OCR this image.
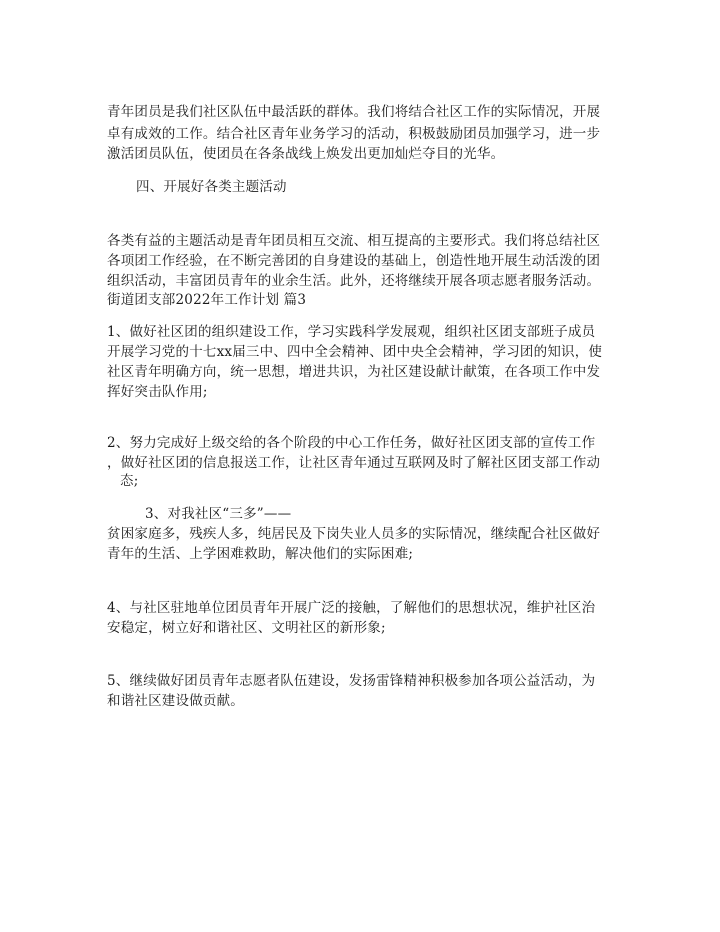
青年团员是我们社区队伍中最活跃的群体。我们将结合社区工作的实际情况，开展
卓有成效的工作。结合社区青年业务学习的活动，积极鼓励团员加强学习，进一步
激活团员队伍，使团员在各条战线上焕发出更加灿烂夺目的光华。
四、开展好各类主题活动
各类有益的主题活动是青年团员相互交流、相互提高的主要形式。我们将总结社区
各项团工作经验，在不断完善团的自身建设的基础上，创造性地开展生动活泼的团
组织活动，丰富团员青年的业余生活。此外，还将继续开展各项志愿者服务活动。
街道团支部2022年工作计划 篇3
1、做好社区团的组织建设工作，学习实践科学发展观，组织社区团支部班子成员
开展学习党的十七xx届三中、四中全会精神、团中央全会精神，学习团的知识，使
社区青年明确方向，统一思想，增进共识，为社区建设献计献策，在各项工作中发
挥好突击队作用;
2、努力完成好上级交给的各个阶段的中心工作任务，做好社区团支部的宣传工作
，做好社区团的信息报送工作，让社区青年通过互联网及时了解社区团支部工作动
态;
3、对我社区“三多”——
贫困家庭多，残疾人多，纯居民及下岗失业人员多的实际情况，继续配合社区做好
青年的生活、上学困难救助，解决他们的实际困难;
4、与社区驻地单位团员青年开展广泛的接触，了解他们的思想状况，维护社区治
安稳定，树立好和谐社区、文明社区的新形象;
5、继续做好团员青年志愿者队伍建设，发扬雷锋精神积极参加各项公益活动，为
和谐社区建设做贡献。
